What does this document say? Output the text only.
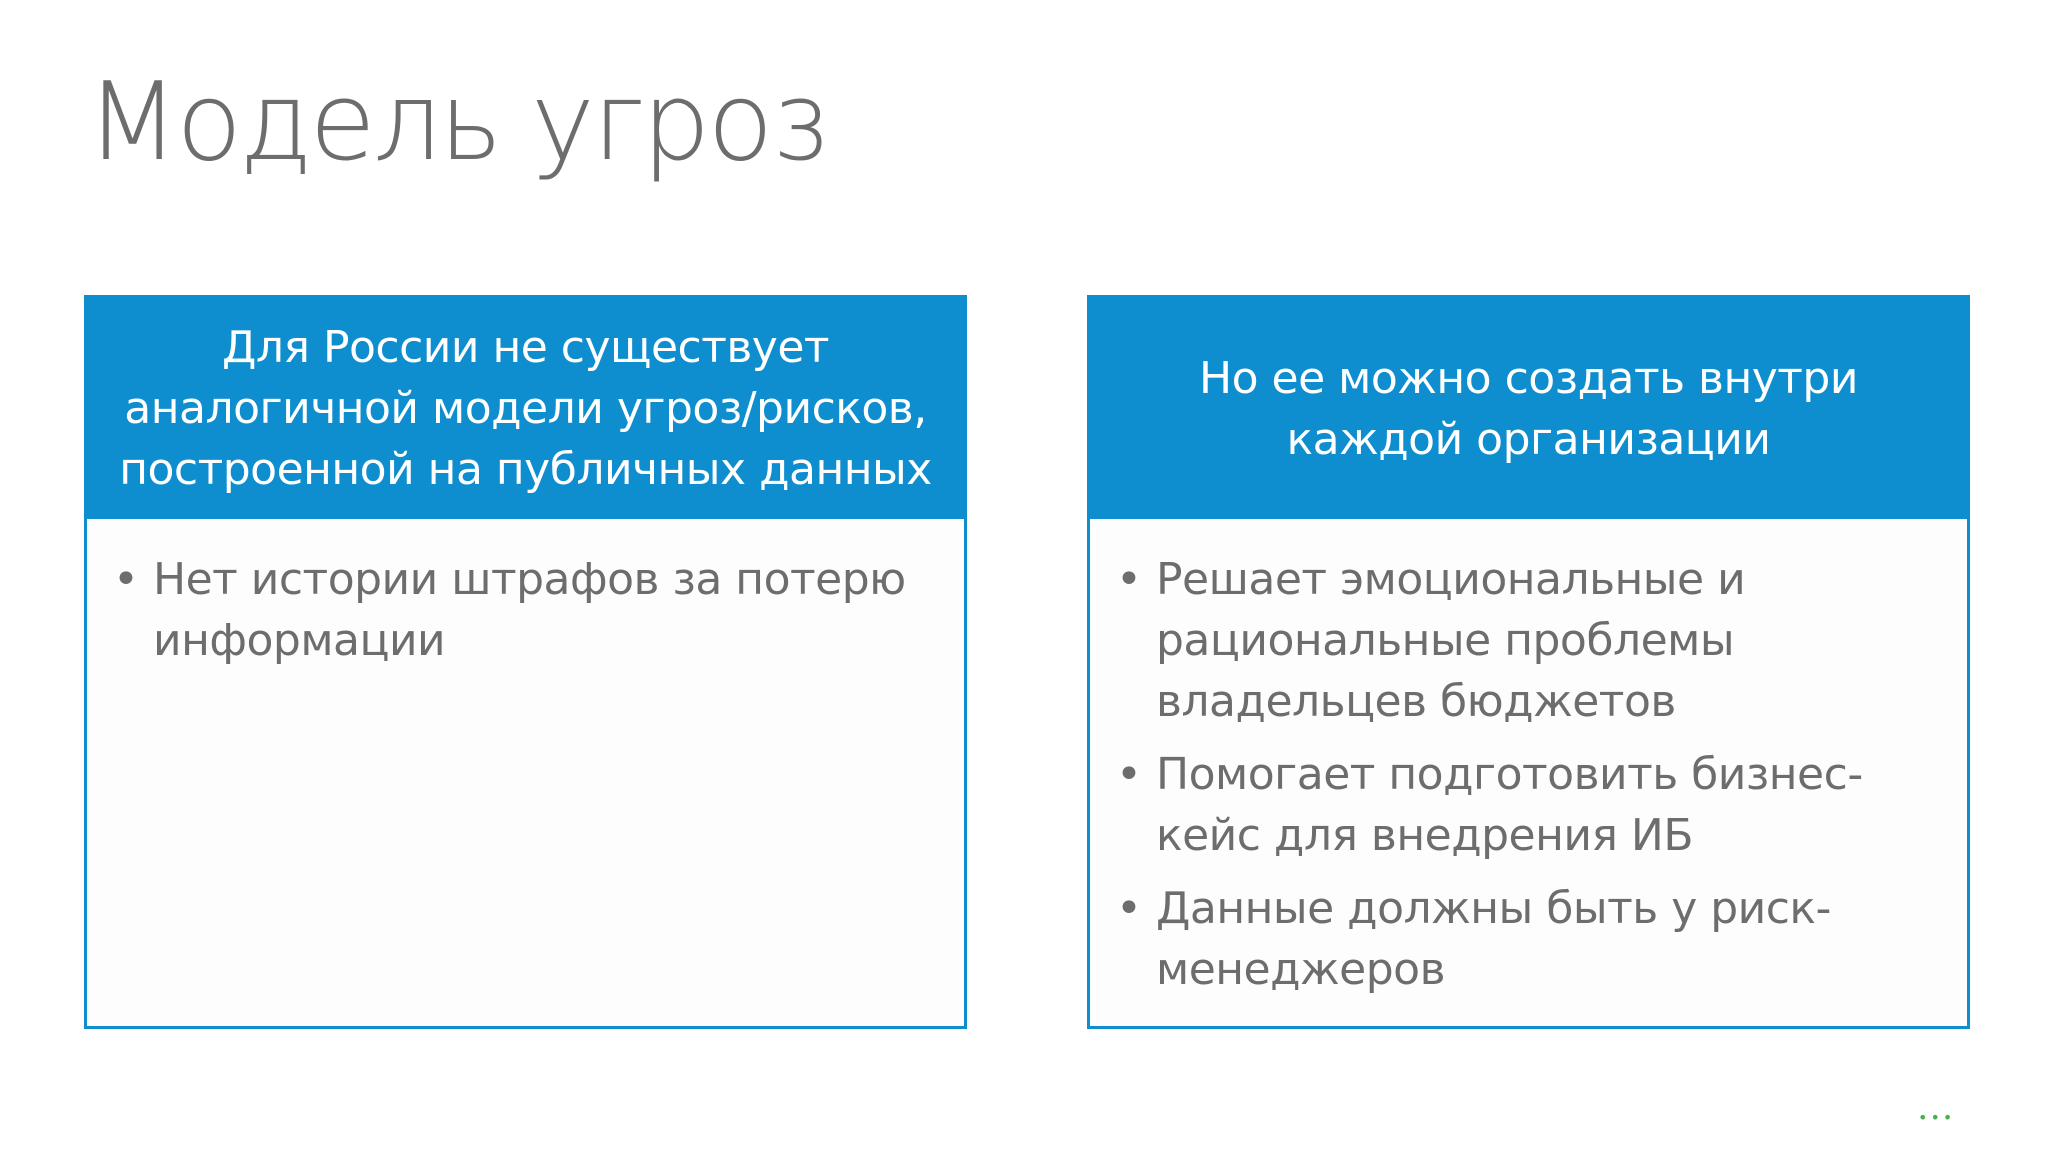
Модель угроз
Для России не существует аналогичной модели угроз/рисков, построенной на публичных данных
• Нет истории штрафов за потерю информации
Но ее можно создать внутри каждой организации
• Решает эмоциональные и рациональные проблемы владельцев бюджетов
• Помогает подготовить бизнес-кейс для внедрения ИБ
• Данные должны быть у риск-менеджеров
•••
